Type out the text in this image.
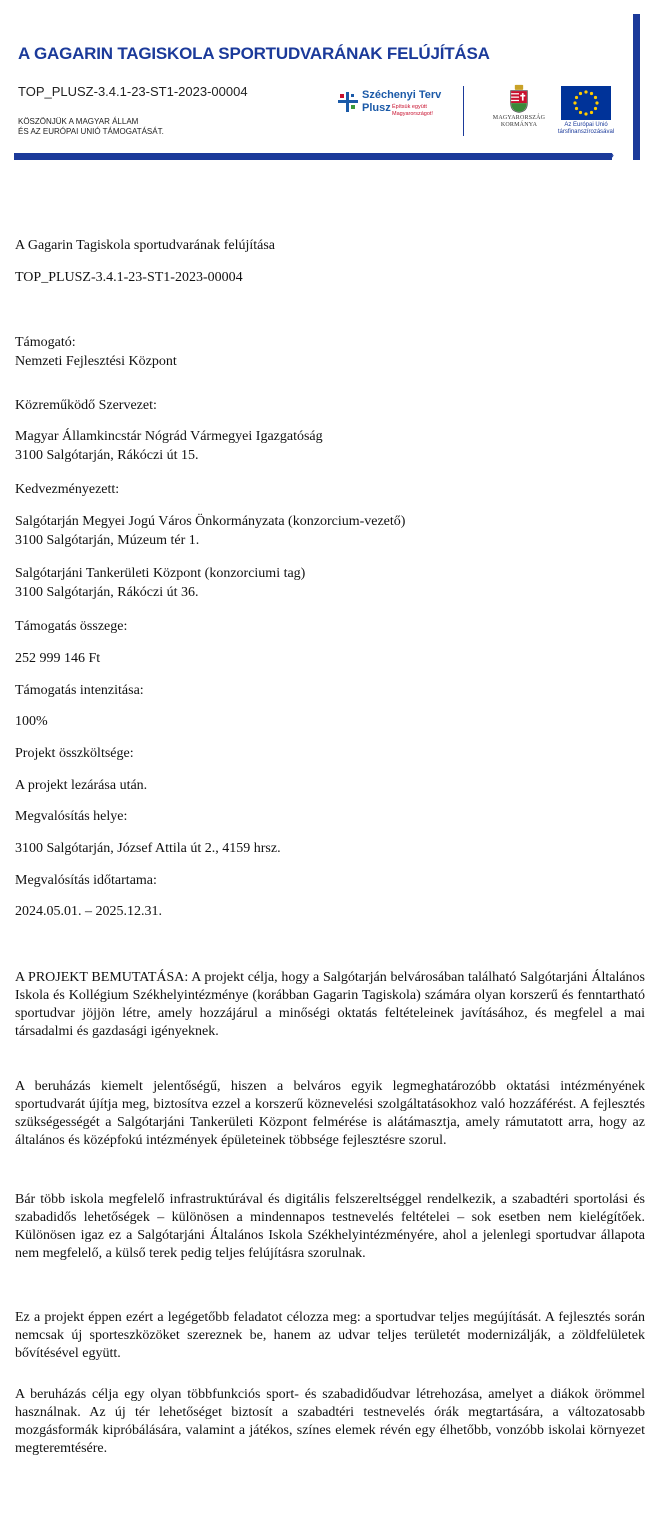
›››
A GAGARIN TAGISKOLA SPORTUDVARÁNAK FELÚJÍTÁSA
TOP_PLUSZ-3.4.1-23-ST1-2023-00004
KÖSZÖNJÜK A MAGYAR ÁLLAM
ÉS AZ EURÓPAI UNIÓ TÁMOGATÁSÁT.
Széchenyi Terv
Plusz Építsük együtt
Magyarországot!
MAGYARORSZÁG
KORMÁNYA	Az Európai Unió
társfinanszírozásával
A Gagarin Tagiskola sportudvarának felújítása
TOP_PLUSZ-3.4.1-23-ST1-2023-00004
Támogató:
Nemzeti Fejlesztési Központ
Közreműködő Szervezet:
Magyar Államkincstár Nógrád Vármegyei Igazgatóság
3100 Salgótarján, Rákóczi út 15.
Kedvezményezett:
Salgótarján Megyei Jogú Város Önkormányzata (konzorcium-vezető)
3100 Salgótarján, Múzeum tér 1.
Salgótarjáni Tankerületi Központ (konzorciumi tag)
3100 Salgótarján, Rákóczi út 36.
Támogatás összege:
252 999 146 Ft
Támogatás intenzitása:
100%
Projekt összköltsége:
A projekt lezárása után.
Megvalósítás helye:
3100 Salgótarján, József Attila út 2., 4159 hrsz.
Megvalósítás időtartama:
2024.05.01. – 2025.12.31.
A PROJEKT BEMUTATÁSA: A projekt célja, hogy a Salgótarján belvárosában található Salgótarjáni Általános Iskola és Kollégium Székhelyintézménye (korábban Gagarin Tagiskola) számára olyan korszerű és fenntartható sportudvar jöjjön létre, amely hozzájárul a minőségi oktatás feltételeinek javításához, és megfelel a mai társadalmi és gazdasági igényeknek.
A beruházás kiemelt jelentőségű, hiszen a belváros egyik legmeghatározóbb oktatási intézményének sportudvarát újítja meg, biztosítva ezzel a korszerű köznevelési szolgáltatásokhoz való hozzáférést. A fejlesztés szükségességét a Salgótarjáni Tankerületi Központ felmérése is alátámasztja, amely rámutatott arra, hogy az általános és középfokú intézmények épületeinek többsége fejlesztésre szorul.
Bár több iskola megfelelő infrastruktúrával és digitális felszereltséggel rendelkezik, a szabadtéri sportolási és szabadidős lehetőségek – különösen a mindennapos testnevelés feltételei – sok esetben nem kielégítőek. Különösen igaz ez a Salgótarjáni Általános Iskola Székhelyintézményére, ahol a jelenlegi sportudvar állapota nem megfelelő, a külső terek pedig teljes felújításra szorulnak.
Ez a projekt éppen ezért a legégetőbb feladatot célozza meg: a sportudvar teljes megújítását. A fejlesztés során nemcsak új sporteszközöket szereznek be, hanem az udvar teljes területét modernizálják, a zöldfelületek bővítésével együtt.
A beruházás célja egy olyan többfunkciós sport- és szabadidőudvar létrehozása, amelyet a diákok örömmel használnak. Az új tér lehetőséget biztosít a szabadtéri testnevelés órák megtartására, a változatosabb mozgásformák kipróbálására, valamint a játékos, színes elemek révén egy élhetőbb, vonzóbb iskolai környezet megteremtésére.
